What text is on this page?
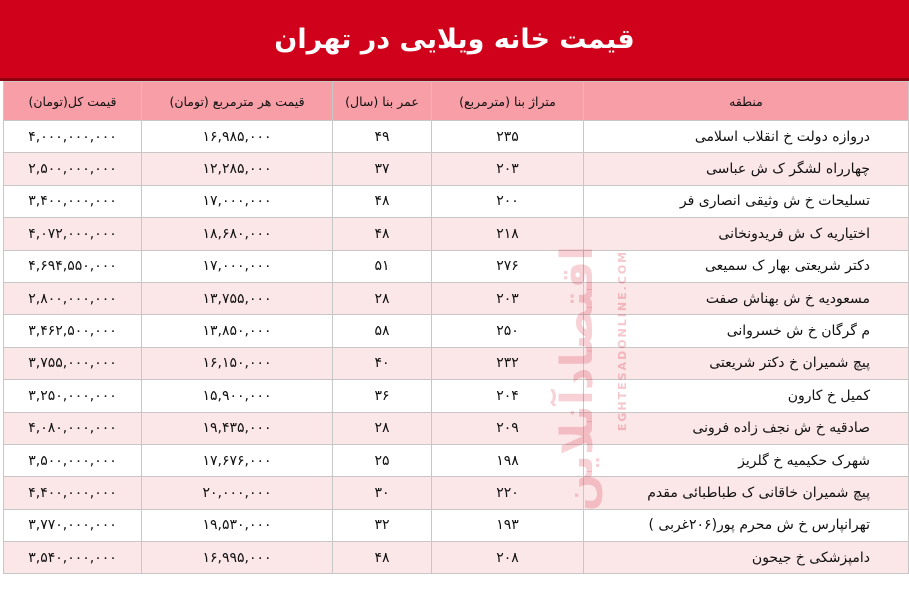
قیمت خانه ویلایی در تهران
قیمت کل(تومان)	قیمت هر مترمربع (تومان)	عمر بنا (سال)	متراژ بنا (مترمربع)	منطقه
۴,۰۰۰,۰۰۰,۰۰۰	۱۶,۹۸۵,۰۰۰	۴۹	۲۳۵	دروازه دولت خ انقلاب اسلامی
۲,۵۰۰,۰۰۰,۰۰۰	۱۲,۲۸۵,۰۰۰	۳۷	۲۰۳	چهارراه لشگر ک ش عباسی
۳,۴۰۰,۰۰۰,۰۰۰	۱۷,۰۰۰,۰۰۰	۴۸	۲۰۰	تسلیحات خ ش وثیقی انصاری فر
۴,۰۷۲,۰۰۰,۰۰۰	۱۸,۶۸۰,۰۰۰	۴۸	۲۱۸	اختیاریه ک ش فریدونخانی
۴,۶۹۴,۵۵۰,۰۰۰	۱۷,۰۰۰,۰۰۰	۵۱	۲۷۶	دکتر شریعتی بهار ک سمیعی
۲,۸۰۰,۰۰۰,۰۰۰	۱۳,۷۵۵,۰۰۰	۲۸	۲۰۳	مسعودیه خ ش بهناش صفت
۳,۴۶۲,۵۰۰,۰۰۰	۱۳,۸۵۰,۰۰۰	۵۸	۲۵۰	م گرگان خ ش خسروانی
۳,۷۵۵,۰۰۰,۰۰۰	۱۶,۱۵۰,۰۰۰	۴۰	۲۳۲	پیچ شمیران خ دکتر شریعتی
۳,۲۵۰,۰۰۰,۰۰۰	۱۵,۹۰۰,۰۰۰	۳۶	۲۰۴	کمیل خ کارون
۴,۰۸۰,۰۰۰,۰۰۰	۱۹,۴۳۵,۰۰۰	۲۸	۲۰۹	صادقیه خ ش نجف زاده فرونی
۳,۵۰۰,۰۰۰,۰۰۰	۱۷,۶۷۶,۰۰۰	۲۵	۱۹۸	شهرک حکیمیه خ گلریز
۴,۴۰۰,۰۰۰,۰۰۰	۲۰,۰۰۰,۰۰۰	۳۰	۲۲۰	پیچ شمیران خاقانی ک طباطبائی مقدم
۳,۷۷۰,۰۰۰,۰۰۰	۱۹,۵۳۰,۰۰۰	۳۲	۱۹۳	تهرانپارس خ ش محرم پور(۲۰۶غربی )
۳,۵۴۰,۰۰۰,۰۰۰	۱۶,۹۹۵,۰۰۰	۴۸	۲۰۸	دامپزشکی خ جیحون
EGHTESADONLINE.COM
